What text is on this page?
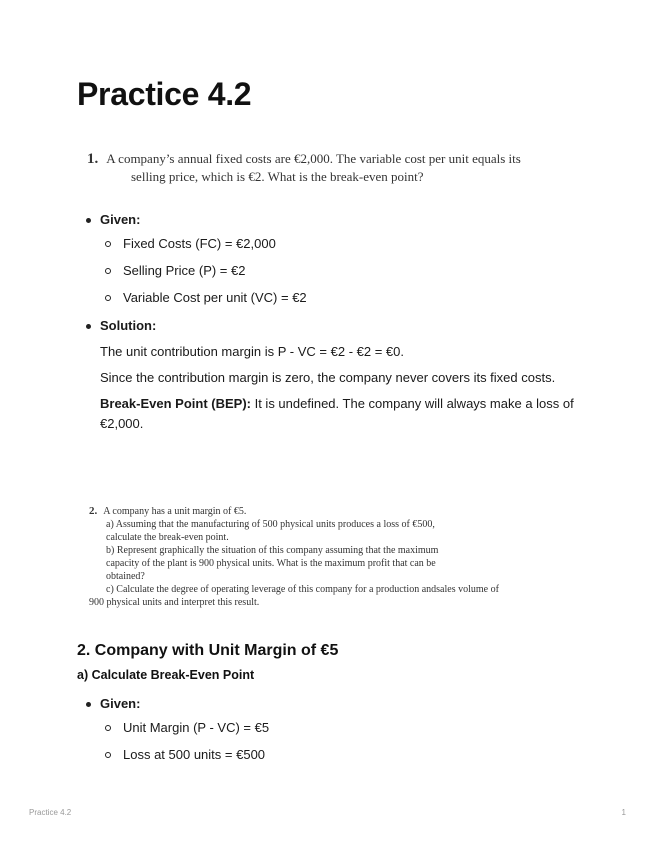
Practice 4.2
1. A company’s annual fixed costs are €2,000. The variable cost per unit equals its
selling price, which is €2. What is the break-even point?
Given:
Fixed Costs (FC) = €2,000
Selling Price (P) = €2
Variable Cost per unit (VC) = €2
Solution:

The unit contribution margin is P - VC = €2 - €2 = €0.

Since the contribution margin is zero, the company never covers its fixed costs.

Break-Even Point (BEP): It is undefined. The company will always make a loss of €2,000.

2. A company has a unit margin of €5.
a) Assuming that the manufacturing of 500 physical units produces a loss of €500,
calculate the break-even point.
b) Represent graphically the situation of this company assuming that the maximum
capacity of the plant is 900 physical units. What is the maximum profit that can be
obtained?
c) Calculate the degree of operating leverage of this company for a production andsales volume of
900 physical units and interpret this result.
2. Company with Unit Margin of €5
a) Calculate Break-Even Point
Given:
Unit Margin (P - VC) = €5
Loss at 500 units = €500
Practice 4.2	1
